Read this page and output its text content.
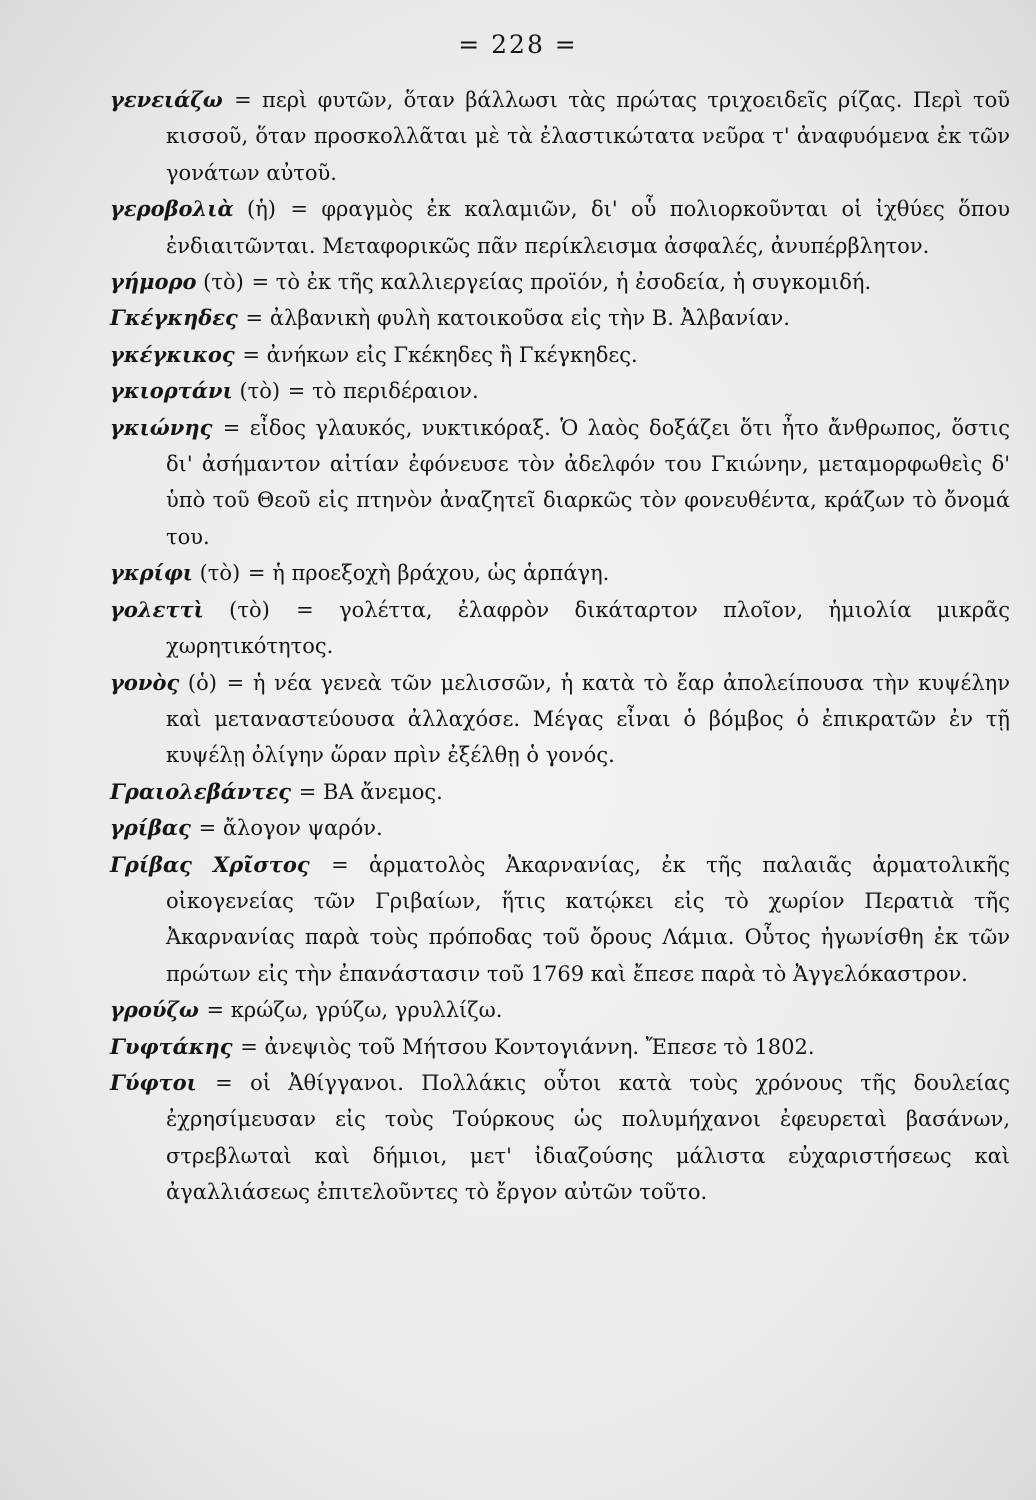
= 228 =

γενειάζω = περὶ φυτῶν, ὅταν βάλλωσι τὰς πρώτας τριχοειδεῖς ρίζας. Περὶ τοῦ κισσοῦ, ὅταν προσκολλᾶται μὲ τὰ ἐλαστικώτατα νεῦρα τ' ἀναφυόμενα ἐκ τῶν γονάτων αὐτοῦ.

γεροβολιὰ (ἡ) = φραγμὸς ἐκ καλαμιῶν, δι' οὗ πολιορκοῦνται οἱ ἰχθύες ὅπου ἐνδιαιτῶνται. Μεταφορικῶς πᾶν περίκλεισμα ἀσφαλές, ἀνυπέρβλητον.

γήμορο (τὸ) = τὸ ἐκ τῆς καλλιεργείας προϊόν, ἡ ἐσοδεία, ἡ συγκομιδή.

Γκέγκηδες = ἀλβανικὴ φυλὴ κατοικοῦσα εἰς τὴν Β. Ἀλβανίαν.

γκέγκικος = ἀνήκων εἰς Γκέκηδες ἢ Γκέγκηδες.

γκιορτάνι (τὸ) = τὸ περιδέραιον.

γκιώνης = εἶδος γλαυκός, νυκτικόραξ. Ὁ λαὸς δοξάζει ὅτι ἦτο ἄνθρωπος, ὅστις δι' ἀσήμαντον αἰτίαν ἐφόνευσε τὸν ἀδελφόν του Γκιώνην, μεταμορφωθεὶς δ' ὑπὸ τοῦ Θεοῦ εἰς πτηνὸν ἀναζητεῖ διαρκῶς τὸν φονευθέντα, κράζων τὸ ὄνομά του.

γκρίφι (τὸ) = ἡ προεξοχὴ βράχου, ὡς ἁρπάγη.

γολεττὶ (τὸ) = γολέττα, ἐλαφρὸν δικάταρτον πλοῖον, ἡμιολία μικρᾶς χωρητικότητος.

γονὸς (ὁ) = ἡ νέα γενεὰ τῶν μελισσῶν, ἡ κατὰ τὸ ἔαρ ἀπολείπουσα τὴν κυψέλην καὶ μεταναστεύουσα ἀλλαχόσε. Μέγας εἶναι ὁ βόμβος ὁ ἐπικρατῶν ἐν τῇ κυψέλῃ ὀλίγην ὥραν πρὶν ἐξέλθῃ ὁ γονός.

Γραιολεβάντες = ΒΑ ἄνεμος.

γρίβας = ἄλογον ψαρόν.

Γρίβας Χρῖστος = ἁρματολὸς Ἀκαρνανίας, ἐκ τῆς παλαιᾶς ἁρματολικῆς οἰκογενείας τῶν Γριβαίων, ἥτις κατῴκει εἰς τὸ χωρίον Περατιὰ τῆς Ἀκαρνανίας παρὰ τοὺς πρόποδας τοῦ ὄρους Λάμια. Οὗτος ἠγωνίσθη ἐκ τῶν πρώτων εἰς τὴν ἐπανάστασιν τοῦ 1769 καὶ ἔπεσε παρὰ τὸ Ἀγγελόκαστρον.

γρούζω = κρώζω, γρύζω, γρυλλίζω.

Γυφτάκης = ἀνεψιὸς τοῦ Μήτσου Κοντογιάννη. Ἔπεσε τὸ 1802.

Γύφτοι = οἱ Ἀθίγγανοι. Πολλάκις οὗτοι κατὰ τοὺς χρόνους τῆς δουλείας ἐχρησίμευσαν εἰς τοὺς Τούρκους ὡς πολυμήχανοι ἐφευρεταὶ βασάνων, στρεβλωταὶ καὶ δήμιοι, μετ' ἰδιαζούσης μάλιστα εὐχαριστήσεως καὶ ἀγαλλιάσεως ἐπιτελοῦντες τὸ ἔργον αὐτῶν τοῦτο.
